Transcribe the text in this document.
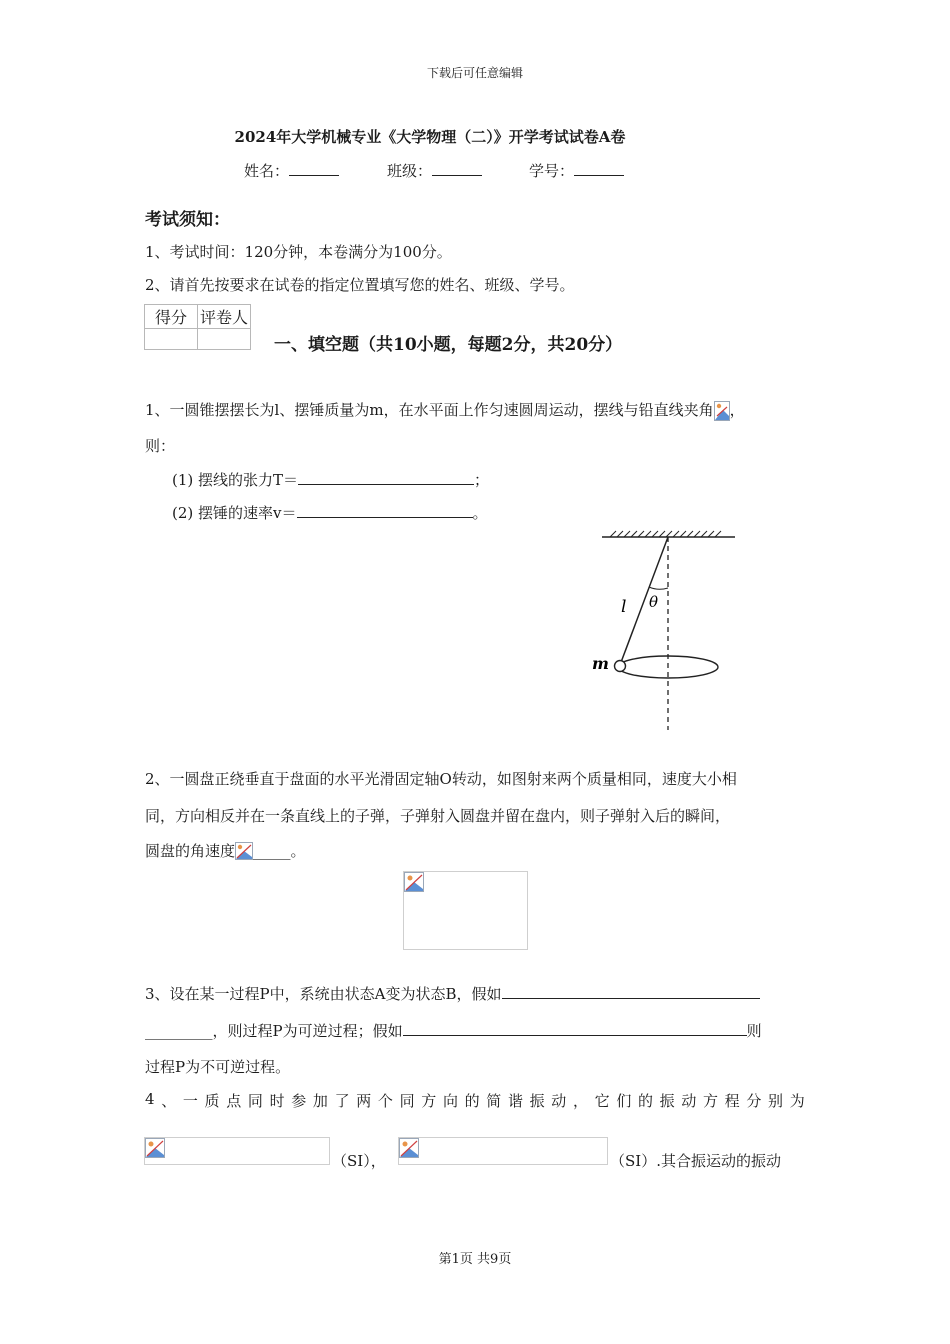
下载后可任意编辑
2024年大学机械专业《大学物理（二）》开学考试试卷A卷
姓名：	班级：	学号：
考试须知：
1、考试时间：120分钟，本卷满分为100分。
2、请首先按要求在试卷的指定位置填写您的姓名、班级、学号。
得分	评卷人

一、填空题（共10小题，每题2分，共20分）
1、一圆锥摆摆长为l、摆锤质量为m，在水平面上作匀速圆周运动，摆线与铅直线夹角 ，
则：
(1) 摆线的张力T＝	；
(2) 摆锤的速率v＝	。
l θ
m
2、一圆盘正绕垂直于盘面的水平光滑固定轴O转动，如图射来两个质量相同，速度大小相
同，方向相反并在一条直线上的子弹，子弹射入圆盘并留在盘内，则子弹射入后的瞬间，
圆盘的角速度 _____。
3、设在某一过程P中，系统由状态A变为状态B，假如
_________，则过程P为可逆过程；假如	则
过程P为不可逆过程。
4 、 一 质 点 同 时 参 加 了 两 个 同 方 向 的 简 谐 振 动 ， 它 们 的 振 动 方 程 分 别 为
（SI），	（SI）.其合振运动的振动
第1页 共9页
